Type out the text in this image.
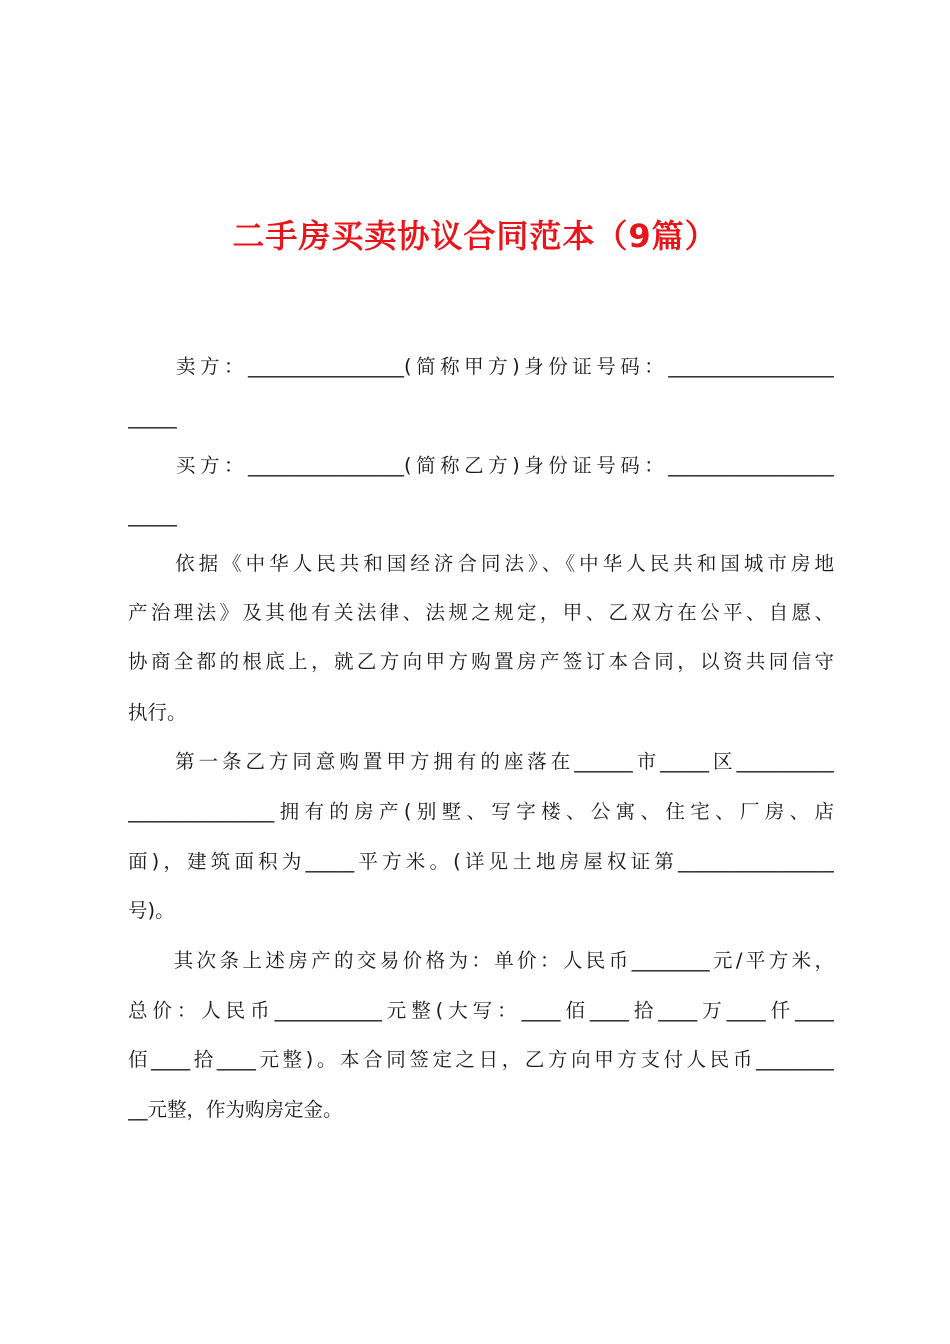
二手房买卖协议合同范本（9篇）
　　卖方：________________(简称甲方)身份证号码：_________________
_____
　　买方：________________(简称乙方)身份证号码：_________________
_____
　　依据《中华人民共和国经济合同法》、《中华人民共和国城市房地
产治理法》及其他有关法律、法规之规定，甲、乙双方在公平、自愿、
协商全都的根底上，就乙方向甲方购置房产签订本合同，以资共同信守
执行。
　　第一条乙方同意购置甲方拥有的座落在______市_____区__________
_______________拥有的房产(别墅、写字楼、公寓、住宅、厂房、店
面)，建筑面积为_____平方米。(详见土地房屋权证第________________
号)。
　　其次条上述房产的交易价格为：单价：人民币________元/平方米，
总价：人民币___________元整(大写：____佰____拾____万____仟____
佰____拾____元整)。本合同签定之日，乙方向甲方支付人民币________
__元整，作为购房定金。
